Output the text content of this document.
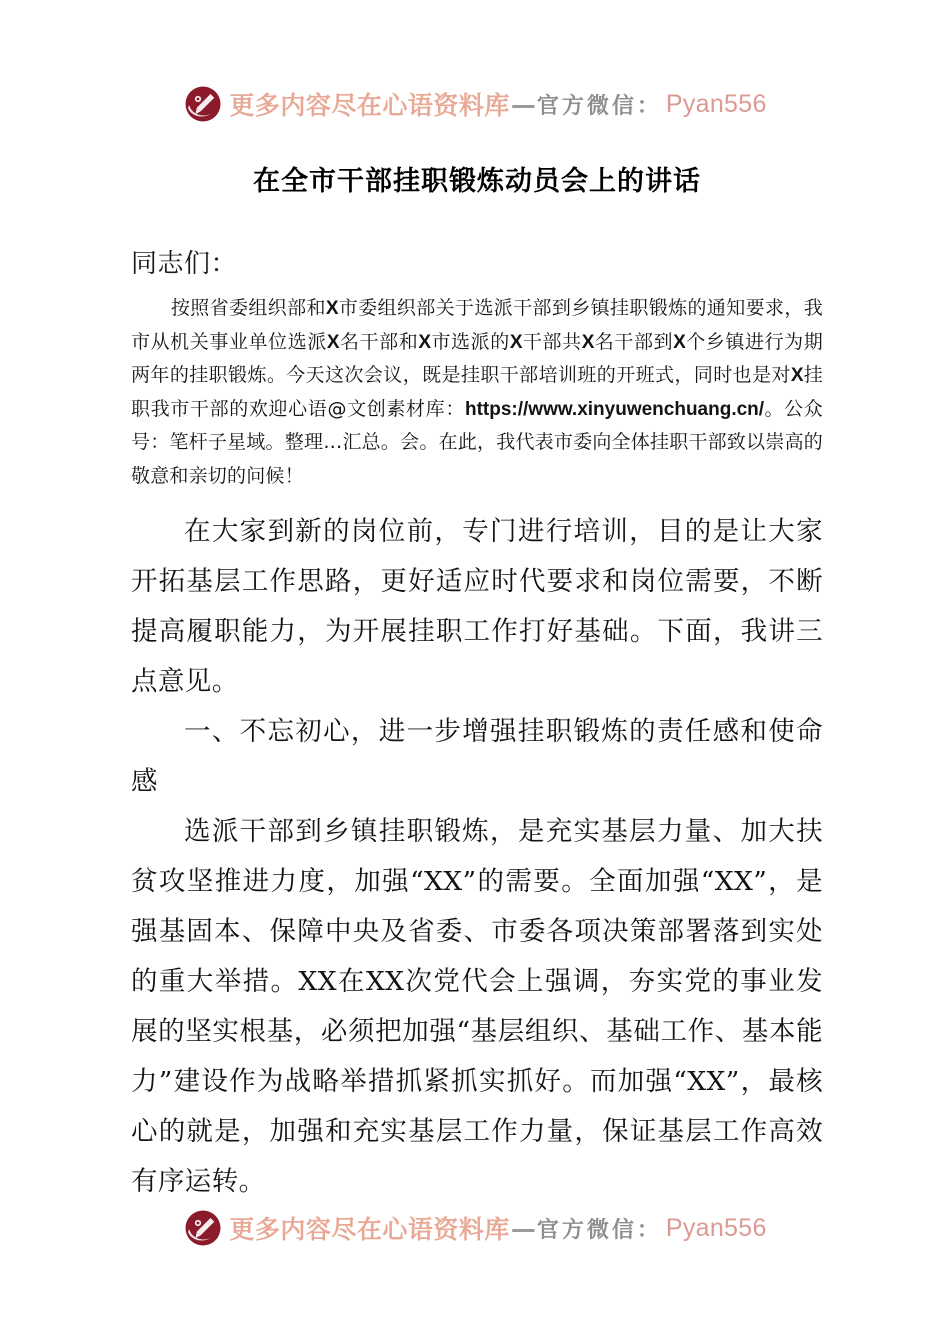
更多内容尽在心语资料库 — 官方微信： Pyan556
在全市干部挂职锻炼动员会上的讲话

同志们：

按照省委组织部和X市委组织部关于选派干部到乡镇挂职锻炼的通知要求，我市从机关事业单位选派X名干部和X市选派的X干部共X名干部到X个乡镇进行为期两年的挂职锻炼。今天这次会议，既是挂职干部培训班的开班式，同时也是对X挂职我市干部的欢迎心语@文创素材库：https://www.xinyuwenchuang.cn/。公众号：笔杆子星域。整理…汇总。会。在此，我代表市委向全体挂职干部致以崇高的敬意和亲切的问候！

在大家到新的岗位前，专门进行培训，目的是让大家开拓基层工作思路，更好适应时代要求和岗位需要，不断提高履职能力，为开展挂职工作打好基础。下面，我讲三点意见。

一、不忘初心，进一步增强挂职锻炼的责任感和使命感

选派干部到乡镇挂职锻炼，是充实基层力量、加大扶贫攻坚推进力度，加强“XX”的需要。全面加强“XX”，是强基固本、保障中央及省委、市委各项决策部署落到实处的重大举措。XX在XX次党代会上强调，夯实党的事业发展的坚实根基，必须把加强“基层组织、基础工作、基本能力”建设作为战略举措抓紧抓实抓好。而加强“XX”，最核心的就是，加强和充实基层工作力量，保证基层工作高效有序运转。

更多内容尽在心语资料库 — 官方微信： Pyan556
